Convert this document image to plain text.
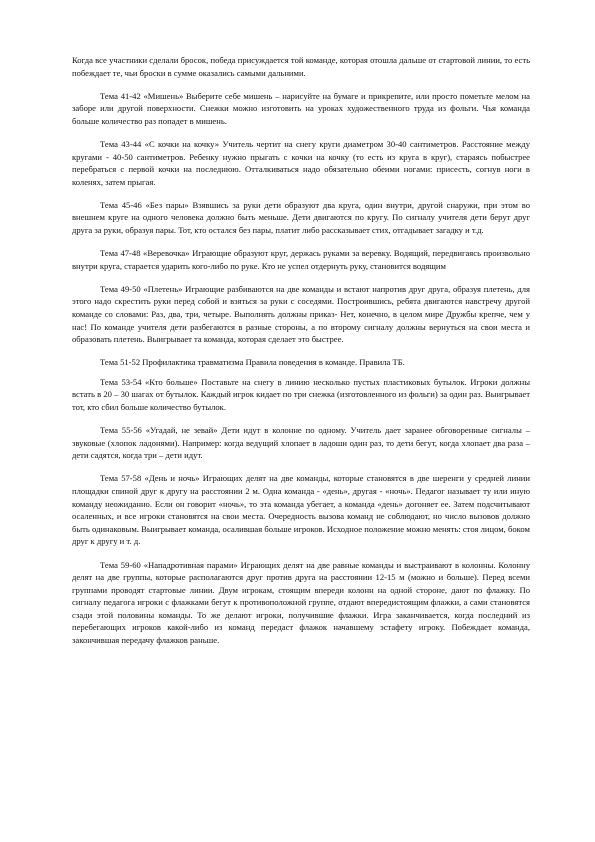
Когда все участники сделали бросок, победа присуждается той команде, которая отошла дальше от стартовой линии, то есть побеждает те, чьи броски в сумме оказались самыми дальними.

Тема 41-42 «Мишень» Выберите себе мишень – нарисуйте на бумаге и прикрепите, или просто пометьте мелом на заборе или другой поверхности. Снежки можно изготовить на уроках художественного труда из фольги. Чья команда больше количество раз попадет в мишень.

Тема 43-44 «С кочки на кочку» Учитель чертит на снегу круги диаметром 30-40 сантиметров. Расстояние между кругами - 40-50 сантиметров. Ребенку нужно прыгать с кочки на кочку (то есть из круга в круг), стараясь побыстрее перебраться с первой кочки на последнюю. Отталкиваться надо обязательно обеими ногами: присесть, согнув ноги в коленях, затем прыгая.

Тема 45-46 «Без пары» Взявшись за руки дети образуют два круга, один внутри, другой снаружи, при этом во внешнем круге на одного человека должно быть меньше. Дети двигаются по кругу. По сигналу учителя дети берут друг друга за руки, образуя пары. Тот, кто остался без пары, платит либо рассказывает стих, отгадывает загадку и т.д.

Тема 47-48 «Веревочка» Играющие образуют круг, держась руками за веревку. Водящий, передвигаясь произвольно внутри круга, старается ударить кого-либо по руке. Кто не успел отдернуть руку, становится водящим

Тема 49-50 «Плетень» Играющие разбиваются на две команды и встают напротив друг друга, образуя плетень, для этого надо скрестить руки перед собой и взяться за руки с соседями. Построившись, ребята двигаются навстречу другой команде со словами: Раз, два, три, четыре. Выполнять должны приказ- Нет, конечно, в целом мире Дружбы крепче, чем у нас! По команде учителя дети разбегаются в разные стороны, а по второму сигналу должны вернуться на свои места и образовать плетень. Выигрывает та команда, которая сделает это быстрее.

Тема 51-52 Профилактика травматизма Правила поведения в команде. Правила ТБ.

Тема 53-54 «Кто больше» Поставьте на снегу в линию несколько пустых пластиковых бутылок. Игроки должны встать в 20 – 30 шагах от бутылок. Каждый игрок кидает по три снежка (изготовленного из фольги) за один раз. Выигрывает тот, кто сбил больше количество бутылок.

Тема 55-56 «Угадай, не зевай» Дети идут в колонне по одному. Учитель дает заранее обговоренные сигналы – звуковые (хлопок ладонями). Например: когда ведущий хлопает в ладоши один раз, то дети бегут, когда хлопает два раза – дети садятся, когда три – дети идут.

Тема 57-58 «День и ночь» Играющих делят на две команды, которые становятся в две шеренги у средней линии площадки спиной друг к другу на расстоянии 2 м. Одна команда - «день», другая - «ночь». Педагог называет ту или иную команду неожиданно. Если он говорит «ночь», то эта команда убегает, а команда «день» догоняет ее. Затем подсчитывают осаленных, и все игроки становятся на свои места. Очередность вызова команд не соблюдают, но число вызовов должно быть одинаковым. Выигрывает команда, осалившая больше игроков. Исходное положение можно менять: стоя лицом, боком друг к другу и т. д.

Тема 59-60 «Нападротивная парами» Играющих делят на две равные команды и выстраивают в колонны. Колонну делят на две группы, которые располагаются друг против друга на расстоянии 12-15 м (можно и больше). Перед всеми группами проводят стартовые линии. Двум игрокам, стоящим впереди колонн на одной стороне, дают по флажку. По сигналу педагога игроки с флажками бегут к противоположной группе, отдают впередистоящим флажки, а сами становятся сзади этой половины команды. То же делают игроки, получившие флажки. Игра заканчивается, когда последний из перебегающих игроков какой-либо из команд передаст флажок начавшему эстафету игроку. Побеждает команда, закончившая передачу флажков раньше.
